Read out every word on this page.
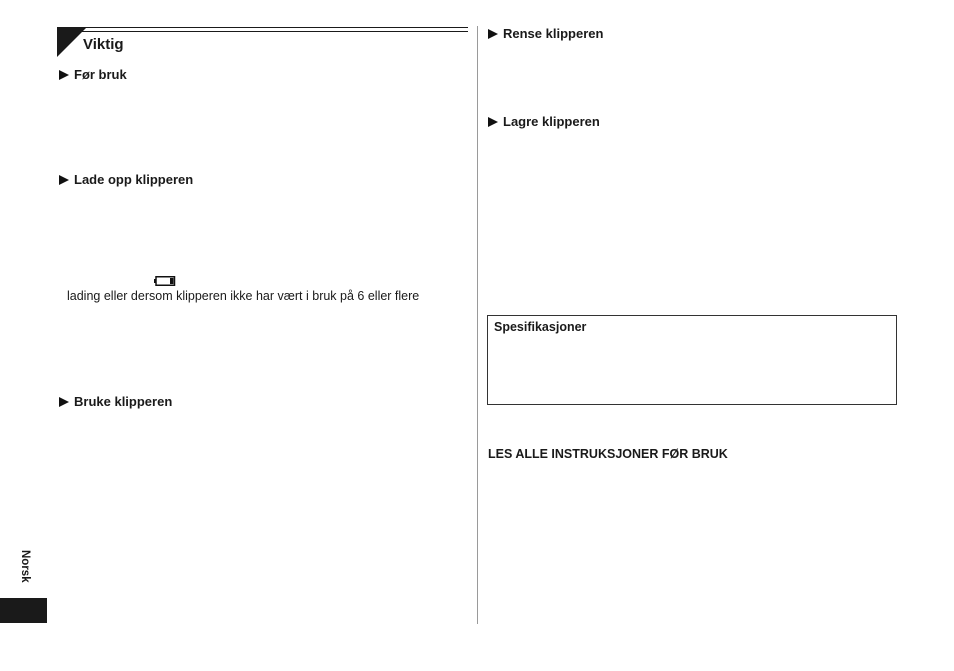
Viktig
Før bruk
Lade opp klipperen
lading eller dersom klipperen ikke har vært i bruk på 6 eller flere
Bruke klipperen
Rense klipperen
Lagre klipperen
Spesifikasjoner
LES ALLE INSTRUKSJONER FØR BRUK
Norsk
